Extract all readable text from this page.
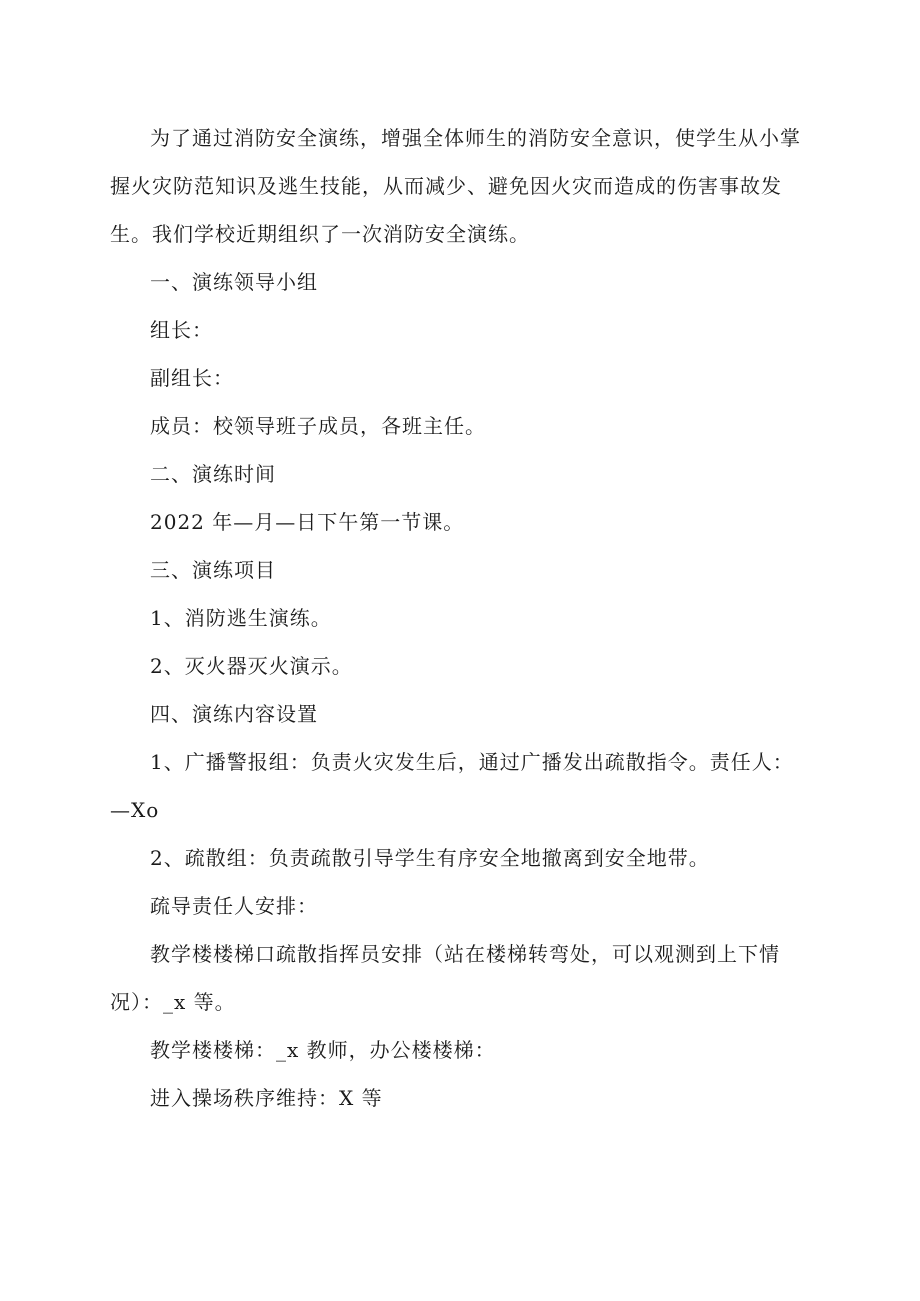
为了通过消防安全演练，增强全体师生的消防安全意识，使学生从小掌握火灾防范知识及逃生技能，从而减少、避免因火灾而造成的伤害事故发生。我们学校近期组织了一次消防安全演练。

一、演练领导小组

组长：

副组长：

成员：校领导班子成员，各班主任。

二、演练时间

2022 年—月—日下午第一节课。

三、演练项目

1、消防逃生演练。

2、灭火器灭火演示。

四、演练内容设置

1、广播警报组：负责火灾发生后，通过广播发出疏散指令。责任人：—Xo

2、疏散组：负责疏散引导学生有序安全地撤离到安全地带。

疏导责任人安排：

教学楼楼梯口疏散指挥员安排（站在楼梯转弯处，可以观测到上下情况）：_x 等。

教学楼楼梯：_x 教师，办公楼楼梯：

进入操场秩序维持：X 等
